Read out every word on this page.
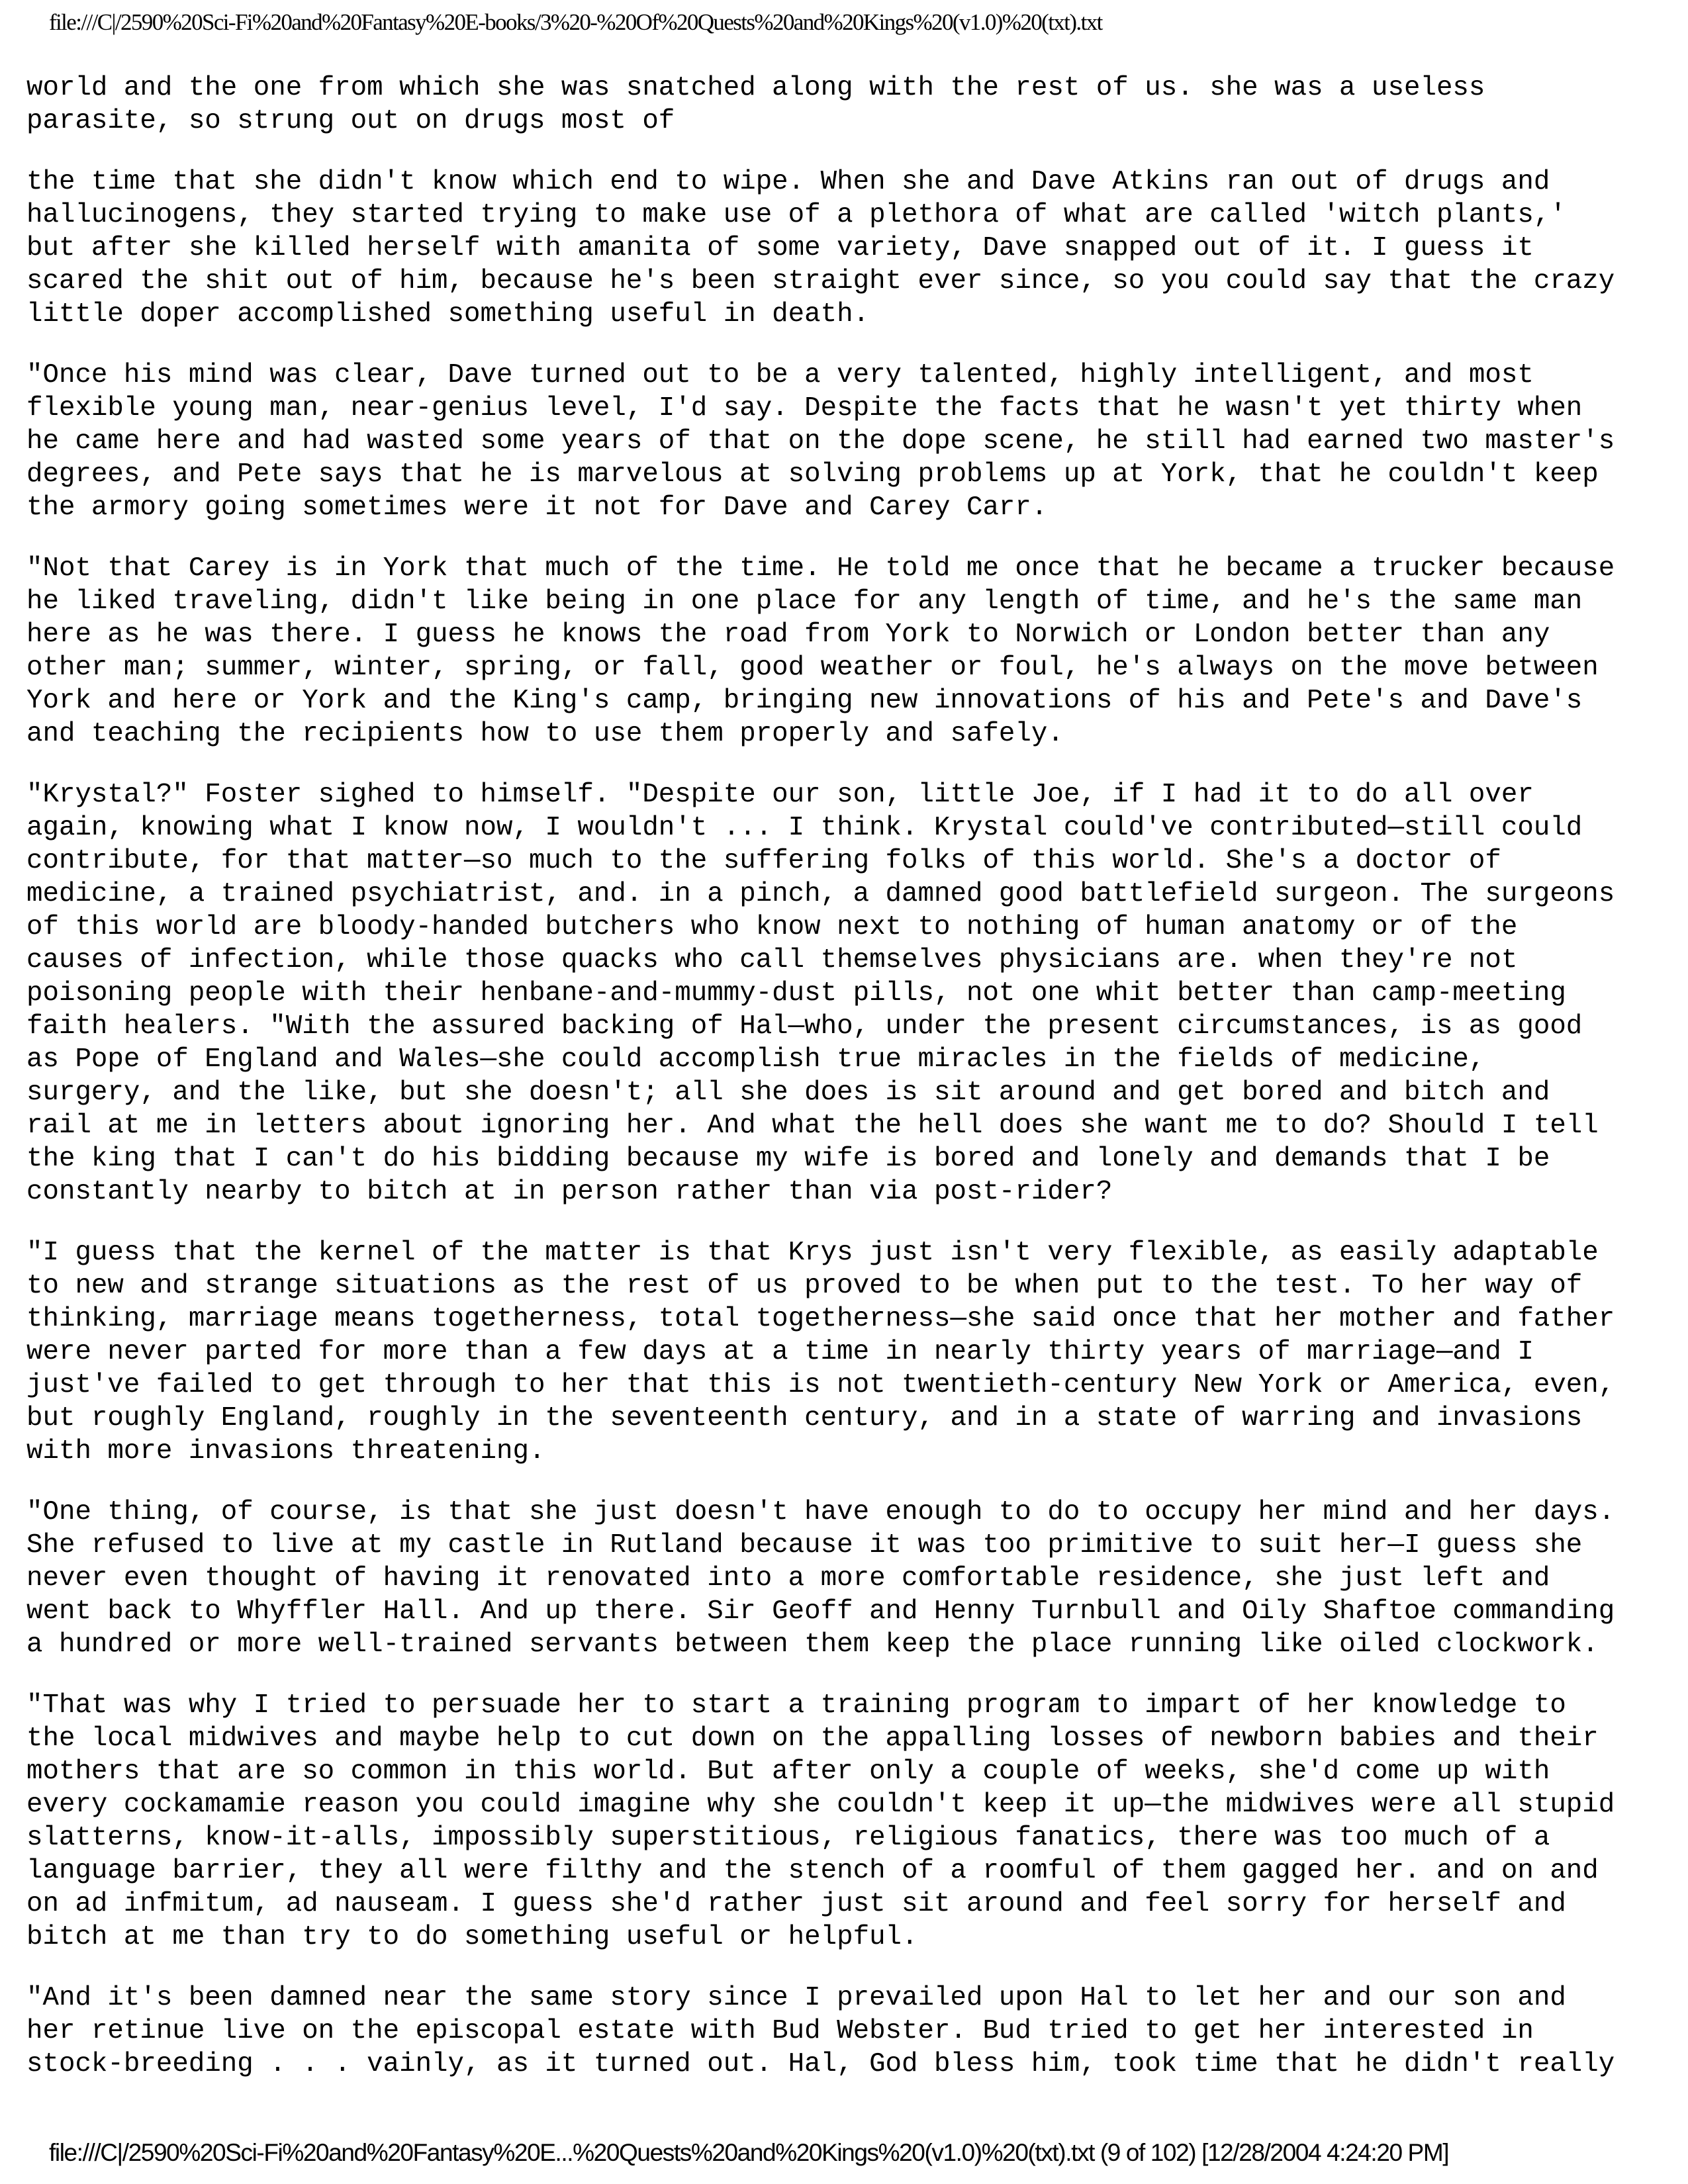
file:///C|/2590%20Sci-Fi%20and%20Fantasy%20E-books/3%20-%20Of%20Quests%20and%20Kings%20(v1.0)%20(txt).txt
world and the one from which she was snatched along with the rest of us. she was a useless
parasite, so strung out on drugs most of
the time that she didn't know which end to wipe. When she and Dave Atkins ran out of drugs and
hallucinogens, they started trying to make use of a plethora of what are called 'witch plants,'
but after she killed herself with amanita of some variety, Dave snapped out of it. I guess it
scared the shit out of him, because he's been straight ever since, so you could say that the crazy
little doper accomplished something useful in death.
"Once his mind was clear, Dave turned out to be a very talented, highly intelligent, and most
flexible young man, near-genius level, I'd say. Despite the facts that he wasn't yet thirty when
he came here and had wasted some years of that on the dope scene, he still had earned two master's
degrees, and Pete says that he is marvelous at solving problems up at York, that he couldn't keep
the armory going sometimes were it not for Dave and Carey Carr.
"Not that Carey is in York that much of the time. He told me once that he became a trucker because
he liked traveling, didn't like being in one place for any length of time, and he's the same man
here as he was there. I guess he knows the road from York to Norwich or London better than any
other man; summer, winter, spring, or fall, good weather or foul, he's always on the move between
York and here or York and the King's camp, bringing new innovations of his and Pete's and Dave's
and teaching the recipients how to use them properly and safely.
"Krystal?" Foster sighed to himself. "Despite our son, little Joe, if I had it to do all over
again, knowing what I know now, I wouldn't ... I think. Krystal could've contributed—still could
contribute, for that matter—so much to the suffering folks of this world. She's a doctor of
medicine, a trained psychiatrist, and. in a pinch, a damned good battlefield surgeon. The surgeons
of this world are bloody-handed butchers who know next to nothing of human anatomy or of the
causes of infection, while those quacks who call themselves physicians are. when they're not
poisoning people with their henbane-and-mummy-dust pills, not one whit better than camp-meeting
faith healers. "With the assured backing of Hal—who, under the present circumstances, is as good
as Pope of England and Wales—she could accomplish true miracles in the fields of medicine,
surgery, and the like, but she doesn't; all she does is sit around and get bored and bitch and
rail at me in letters about ignoring her. And what the hell does she want me to do? Should I tell
the king that I can't do his bidding because my wife is bored and lonely and demands that I be
constantly nearby to bitch at in person rather than via post-rider?
"I guess that the kernel of the matter is that Krys just isn't very flexible, as easily adaptable
to new and strange situations as the rest of us proved to be when put to the test. To her way of
thinking, marriage means togetherness, total togetherness—she said once that her mother and father
were never parted for more than a few days at a time in nearly thirty years of marriage—and I
just've failed to get through to her that this is not twentieth-century New York or America, even,
but roughly England, roughly in the seventeenth century, and in a state of warring and invasions
with more invasions threatening.
"One thing, of course, is that she just doesn't have enough to do to occupy her mind and her days.
She refused to live at my castle in Rutland because it was too primitive to suit her—I guess she
never even thought of having it renovated into a more comfortable residence, she just left and
went back to Whyffler Hall. And up there. Sir Geoff and Henny Turnbull and Oily Shaftoe commanding
a hundred or more well-trained servants between them keep the place running like oiled clockwork.
"That was why I tried to persuade her to start a training program to impart of her knowledge to
the local midwives and maybe help to cut down on the appalling losses of newborn babies and their
mothers that are so common in this world. But after only a couple of weeks, she'd come up with
every cockamamie reason you could imagine why she couldn't keep it up—the midwives were all stupid
slatterns, know-it-alls, impossibly superstitious, religious fanatics, there was too much of a
language barrier, they all were filthy and the stench of a roomful of them gagged her. and on and
on ad infmitum, ad nauseam. I guess she'd rather just sit around and feel sorry for herself and
bitch at me than try to do something useful or helpful.
"And it's been damned near the same story since I prevailed upon Hal to let her and our son and
her retinue live on the episcopal estate with Bud Webster. Bud tried to get her interested in
stock-breeding . . . vainly, as it turned out. Hal, God bless him, took time that he didn't really
file:///C|/2590%20Sci-Fi%20and%20Fantasy%20E...%20Quests%20and%20Kings%20(v1.0)%20(txt).txt (9 of 102) [12/28/2004 4:24:20 PM]
